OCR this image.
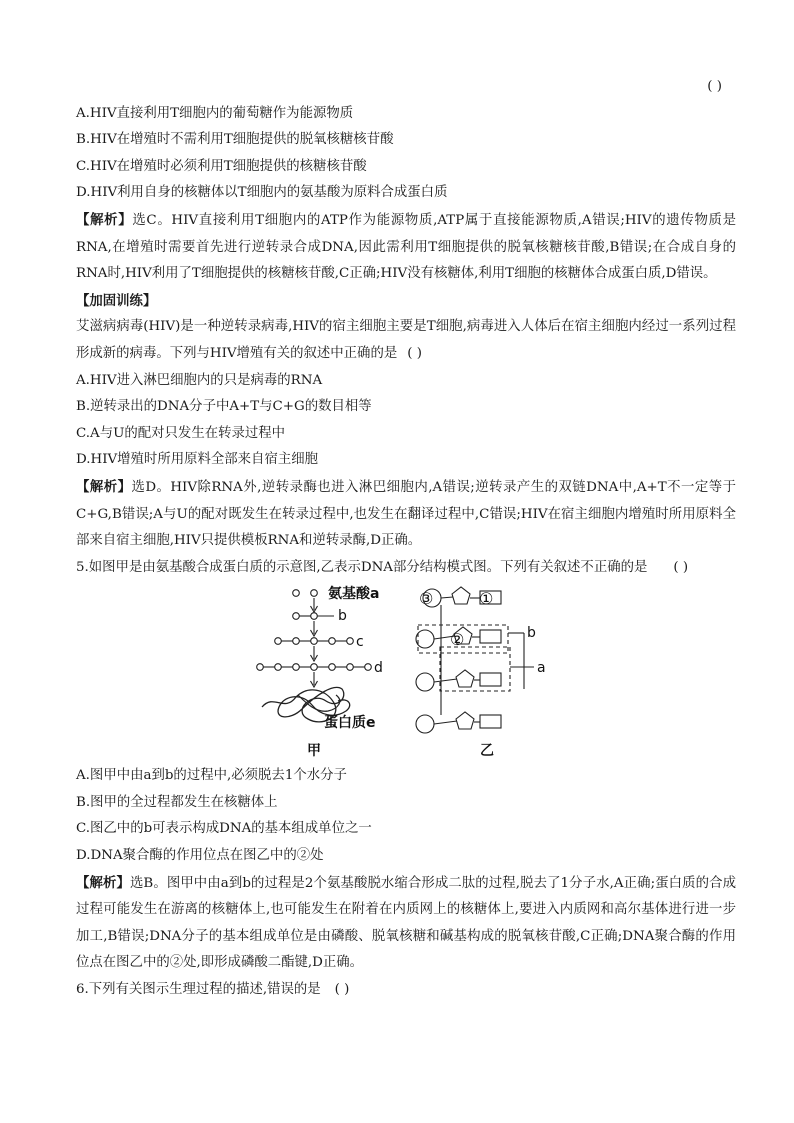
( )
A.HIV直接利用T细胞内的葡萄糖作为能源物质
B.HIV在增殖时不需利用T细胞提供的脱氧核糖核苷酸
C.HIV在增殖时必须利用T细胞提供的核糖核苷酸
D.HIV利用自身的核糖体以T细胞内的氨基酸为原料合成蛋白质
【解析】选C。HIV直接利用T细胞内的ATP作为能源物质,ATP属于直接能源物质,A错误;HIV的遗传物质是RNA,在增殖时需要首先进行逆转录合成DNA,因此需利用T细胞提供的脱氧核糖核苷酸,B错误;在合成自身的RNA时,HIV利用了T细胞提供的核糖核苷酸,C正确;HIV没有核糖体,利用T细胞的核糖体合成蛋白质,D错误。
【加固训练】
艾滋病病毒(HIV)是一种逆转录病毒,HIV的宿主细胞主要是T细胞,病毒进入人体后在宿主细胞内经过一系列过程形成新的病毒。下列与HIV增殖有关的叙述中正确的是 ( )
A.HIV进入淋巴细胞内的只是病毒的RNA
B.逆转录出的DNA分子中A+T与C+G的数目相等
C.A与U的配对只发生在转录过程中
D.HIV增殖时所用原料全部来自宿主细胞
【解析】选D。HIV除RNA外,逆转录酶也进入淋巴细胞内,A错误;逆转录产生的双链DNA中,A+T不一定等于C+G,B错误;A与U的配对既发生在转录过程中,也发生在翻译过程中,C错误;HIV在宿主细胞内增殖时所用原料全部来自宿主细胞,HIV只提供模板RNA和逆转录酶,D正确。
5.如图甲是由氨基酸合成蛋白质的示意图,乙表示DNA部分结构模式图。下列有关叙述不正确的是 ( )
氨基酸a
b
c
d
蛋白质e
甲
③	①
②	b
a
乙
A.图甲中由a到b的过程中,必须脱去1个水分子
B.图甲的全过程都发生在核糖体上
C.图乙中的b可表示构成DNA的基本组成单位之一
D.DNA聚合酶的作用位点在图乙中的②处
【解析】选B。图甲中由a到b的过程是2个氨基酸脱水缩合形成二肽的过程,脱去了1分子水,A正确;蛋白质的合成过程可能发生在游离的核糖体上,也可能发生在附着在内质网上的核糖体上,要进入内质网和高尔基体进行进一步加工,B错误;DNA分子的基本组成单位是由磷酸、脱氧核糖和碱基构成的脱氧核苷酸,C正确;DNA聚合酶的作用位点在图乙中的②处,即形成磷酸二酯键,D正确。
6.下列有关图示生理过程的描述,错误的是 ( )
